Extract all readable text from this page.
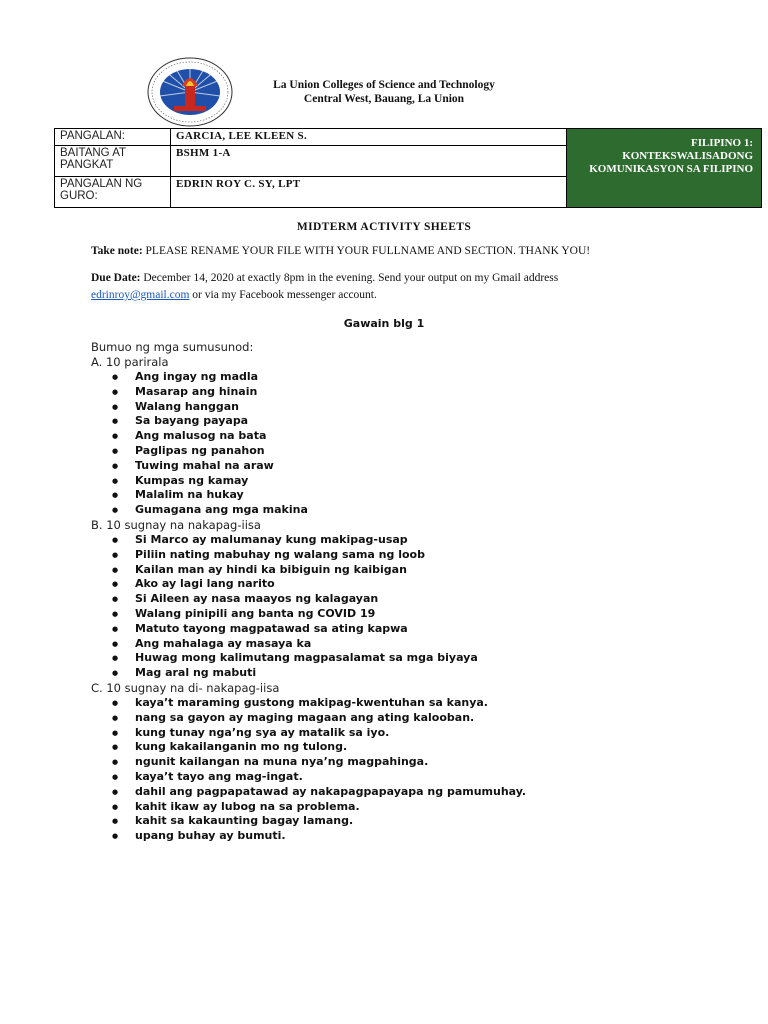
La Union Colleges of Science and Technology
Central West, Bauang, La Union
PANGALAN:	GARCIA, LEE KLEEN S.	FILIPINO 1: KONTEKSWALISADONG KOMUNIKASYON SA FILIPINO
BAITANG AT PANGKAT	BSHM 1-A	
PANGALAN NG GURO:	EDRIN ROY C. SY, LPT	
MIDTERM ACTIVITY SHEETS
Take note: PLEASE RENAME YOUR FILE WITH YOUR FULLNAME AND SECTION. THANK YOU!
Due Date: December 14, 2020 at exactly 8pm in the evening. Send your output on my Gmail address
edrinroy@gmail.com or via my Facebook messenger account.
Gawain blg 1
Bumuo ng mga sumusunod:
A. 10 parirala
● Ang ingay ng madla
● Masarap ang hinain
● Walang hanggan
● Sa bayang payapa
● Ang malusog na bata
● Paglipas ng panahon
● Tuwing mahal na araw
● Kumpas ng kamay
● Malalim na hukay
● Gumagana ang mga makina
B. 10 sugnay na nakapag-iisa
● Si Marco ay malumanay kung makipag-usap
● Piliin nating mabuhay ng walang sama ng loob
● Kailan man ay hindi ka bibiguin ng kaibigan
● Ako ay lagi lang narito
● Si Aileen ay nasa maayos ng kalagayan
● Walang pinipili ang banta ng COVID 19
● Matuto tayong magpatawad sa ating kapwa
● Ang mahalaga ay masaya ka
● Huwag mong kalimutang magpasalamat sa mga biyaya
● Mag aral ng mabuti
C. 10 sugnay na di- nakapag-iisa
● kaya’t maraming gustong makipag-kwentuhan sa kanya.
● nang sa gayon ay maging magaan ang ating kalooban.
● kung tunay nga’ng sya ay matalik sa iyo.
● kung kakailanganin mo ng tulong.
● ngunit kailangan na muna nya’ng magpahinga.
● kaya’t tayo ang mag-ingat.
● dahil ang pagpapatawad ay nakapagpapayapa ng pamumuhay.
● kahit ikaw ay lubog na sa problema.
● kahit sa kakaunting bagay lamang.
● upang buhay ay bumuti.
